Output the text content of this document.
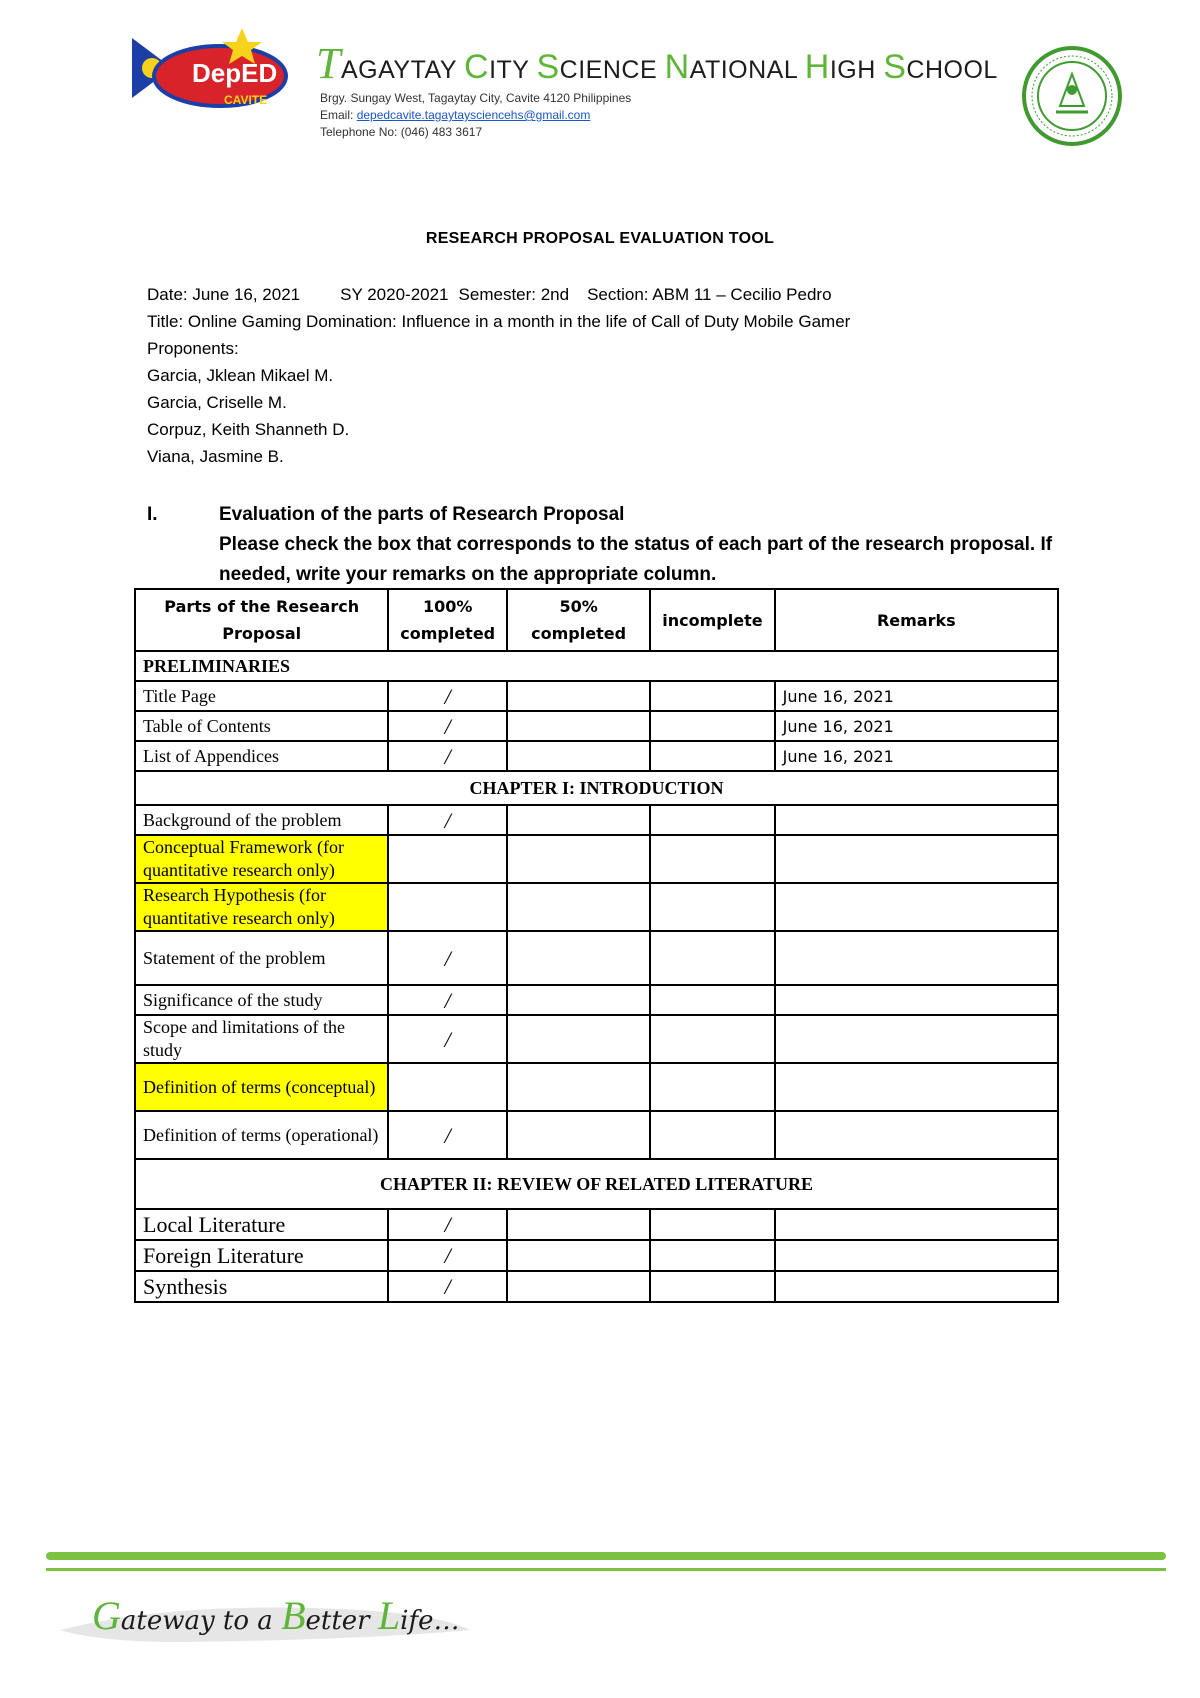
DepED
CAVITE
TAGAYTAY CITY SCIENCE NATIONAL HIGH SCHOOL
Brgy. Sungay West, Tagaytay City, Cavite 4120 Philippines
Email: depedcavite.tagaytaysciencehs@gmail.com
Telephone No: (046) 483 3617
RESEARCH PROPOSAL EVALUATION TOOL
Date: June 16, 2021 SY 2020-2021 Semester: 2nd Section: ABM 11 – Cecilio Pedro
Title: Online Gaming Domination: Influence in a month in the life of Call of Duty Mobile Gamer
Proponents:
Garcia, Jklean Mikael M.
Garcia, Criselle M.
Corpuz, Keith Shanneth D.
Viana, Jasmine B.
I.	Evaluation of the parts of Research Proposal
Please check the box that corresponds to the status of each part of the research proposal. If needed, write your remarks on the appropriate column.
Parts of the Research Proposal	100% completed	50% completed	incomplete	Remarks
PRELIMINARIES				
Title Page	/			June 16, 2021
Table of Contents	/			June 16, 2021
List of Appendices	/			June 16, 2021
CHAPTER I: INTRODUCTION				
Background of the problem	/			
Conceptual Framework (for quantitative research only)				
Research Hypothesis (for quantitative research only)				
Statement of the problem	/			
Significance of the study	/			
Scope and limitations of the study	/			
Definition of terms (conceptual)				
Definition of terms (operational)	/			
CHAPTER II: REVIEW OF RELATED LITERATURE				
Local Literature	/			
Foreign Literature	/			
Synthesis	/			
Gateway to a Better Life…
